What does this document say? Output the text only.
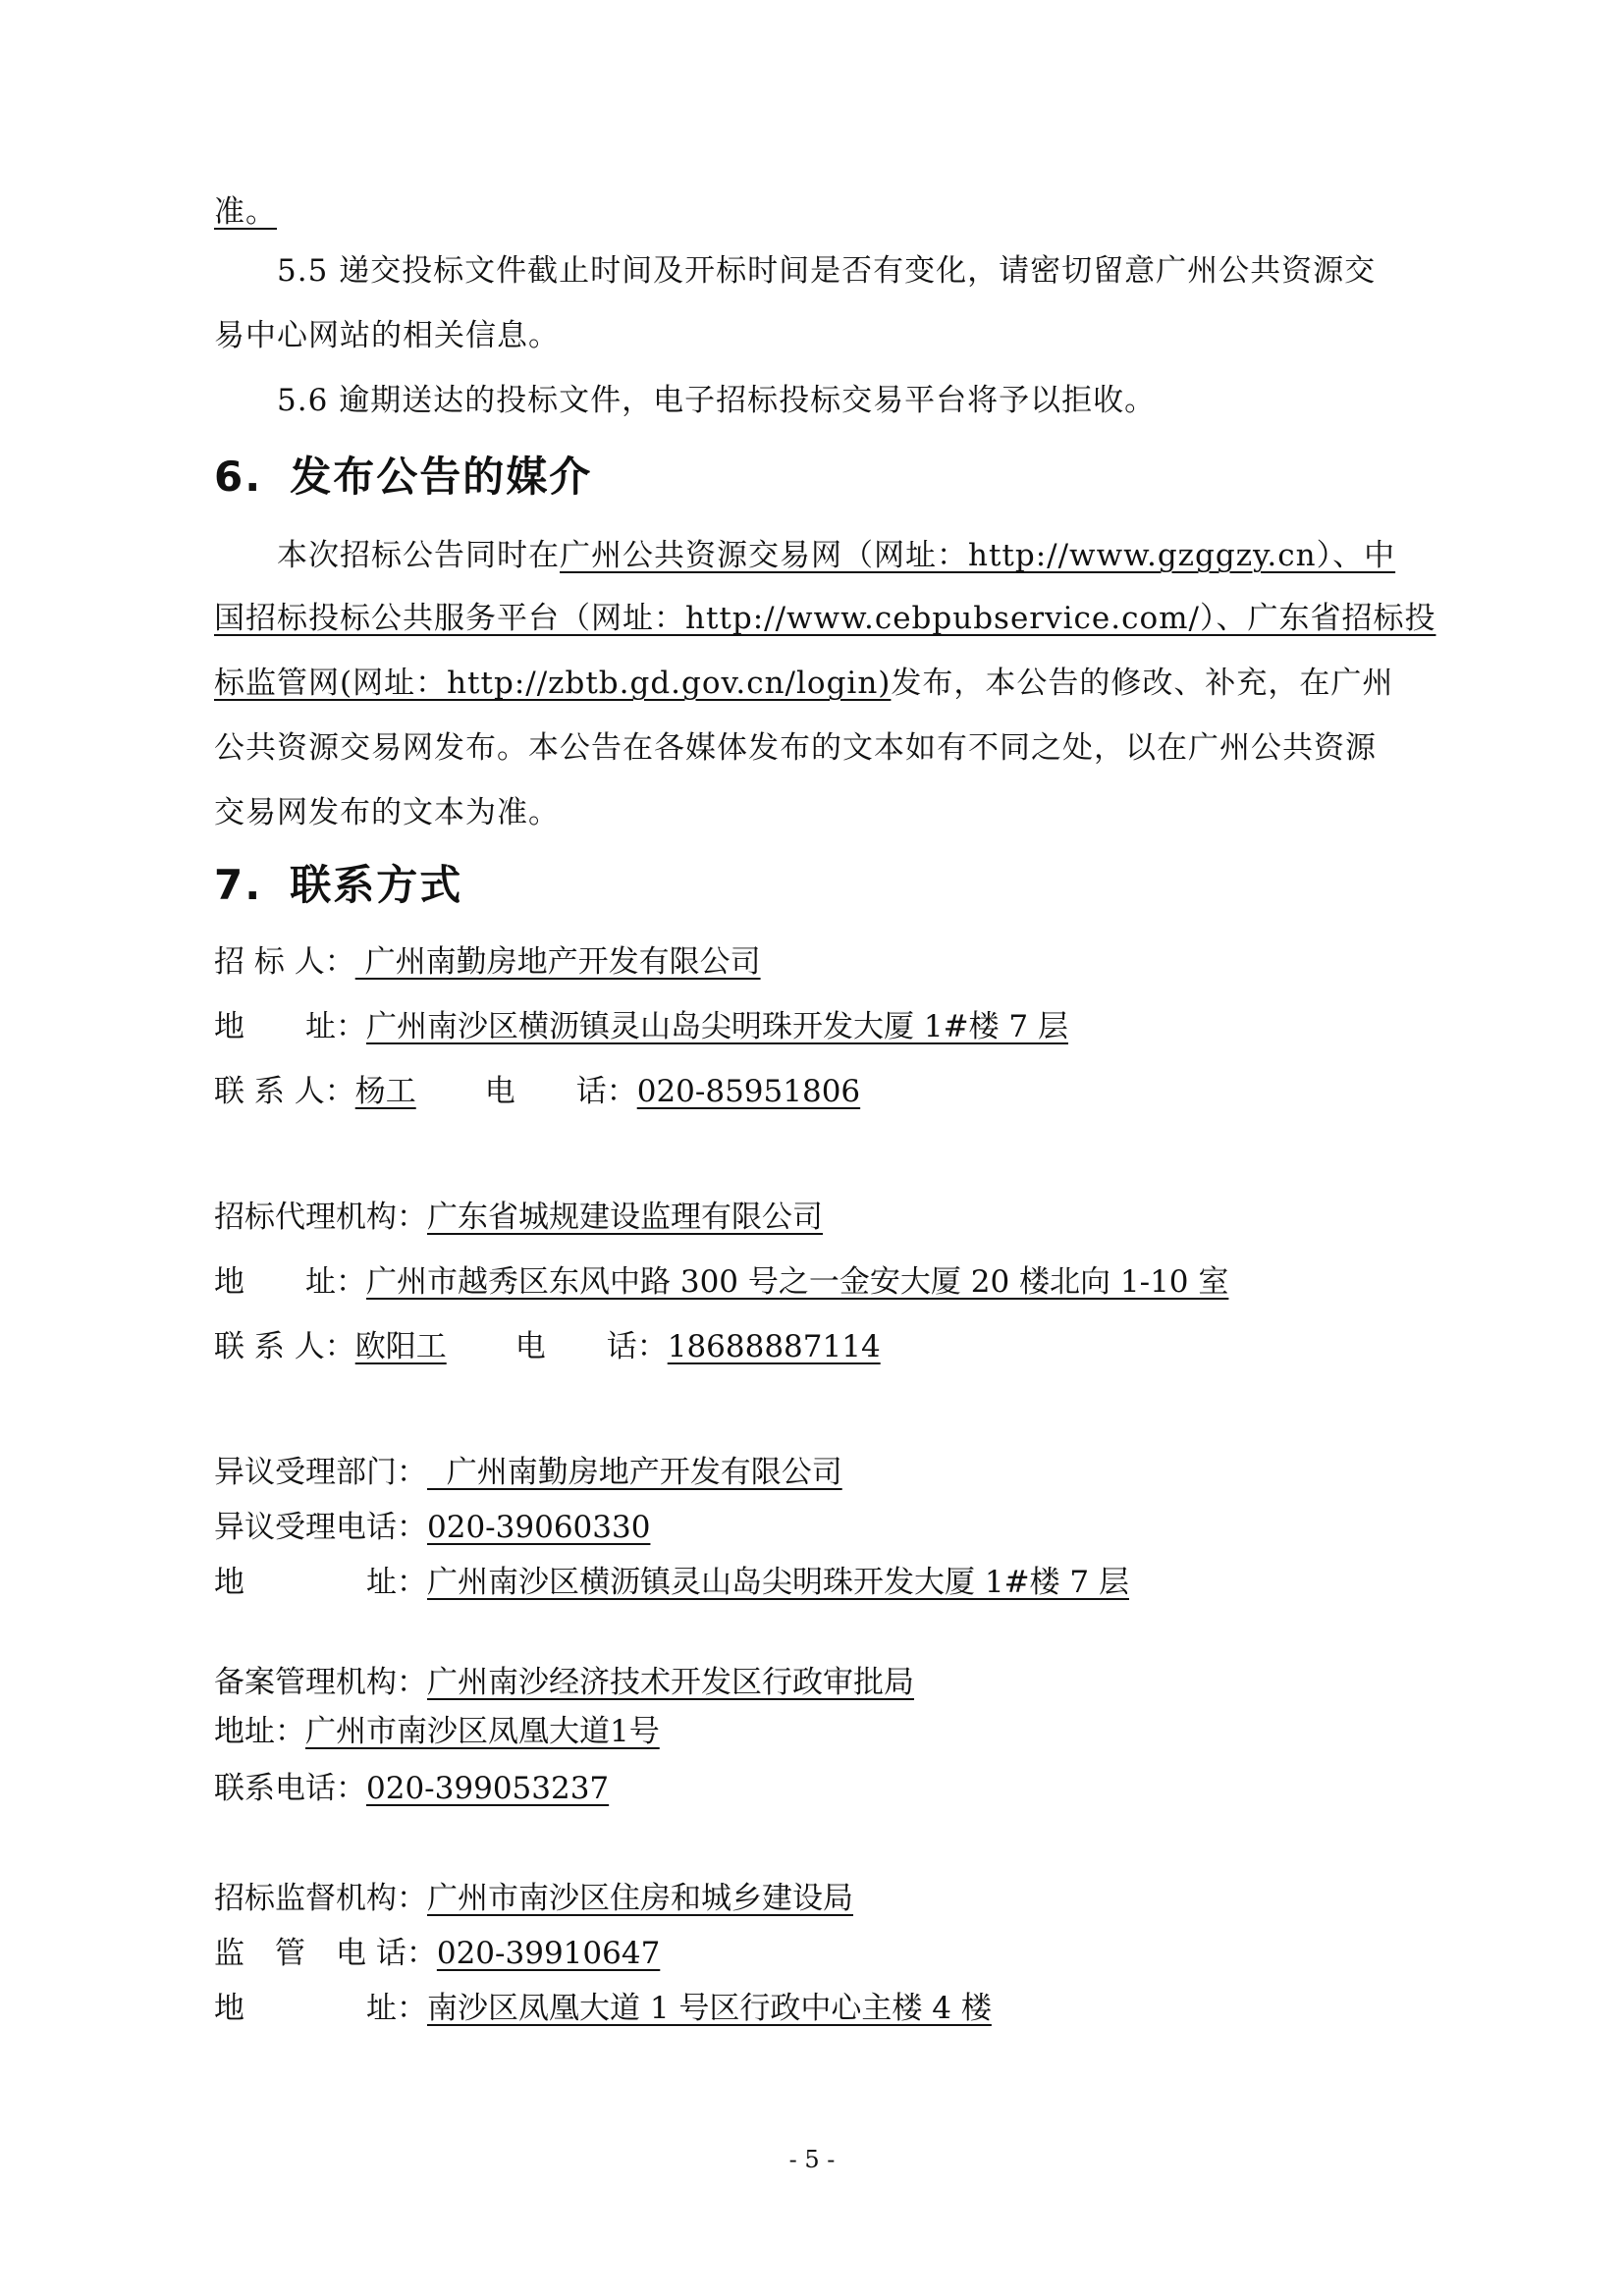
准。
5.5 递交投标文件截止时间及开标时间是否有变化，请密切留意广州公共资源交
易中心网站的相关信息。
5.6 逾期送达的投标文件，电子招标投标交易平台将予以拒收。
6. 发布公告的媒介
本次招标公告同时在广州公共资源交易网（网址：http://www.gzggzy.cn）、中
国招标投标公共服务平台（网址：http://www.cebpubservice.com/）、广东省招标投
标监管网(网址：http://zbtb.gd.gov.cn/login)发布，本公告的修改、补充，在广州
公共资源交易网发布。本公告在各媒体发布的文本如有不同之处，以在广州公共资源
交易网发布的文本为准。
7. 联系方式
招 标 人： 广州南勤房地产开发有限公司
地　　址：广州南沙区横沥镇灵山岛尖明珠开发大厦 1#楼 7 层
联 系 人：杨工 电　　话：020-85951806
招标代理机构：广东省城规建设监理有限公司
地　　址：广州市越秀区东风中路 300 号之一金安大厦 20 楼北向 1-10 室
联 系 人：欧阳工 电　　话：18688887114
异议受理部门：  广州南勤房地产开发有限公司
异议受理电话：020-39060330
地　　　　址：广州南沙区横沥镇灵山岛尖明珠开发大厦 1#楼 7 层
备案管理机构：广州南沙经济技术开发区行政审批局
地址：广州市南沙区凤凰大道1号
联系电话：020-399053237
招标监督机构：广州市南沙区住房和城乡建设局
监　管　电 话：020-39910647
地　　　　址：南沙区凤凰大道 1 号区行政中心主楼 4 楼
- 5 -
